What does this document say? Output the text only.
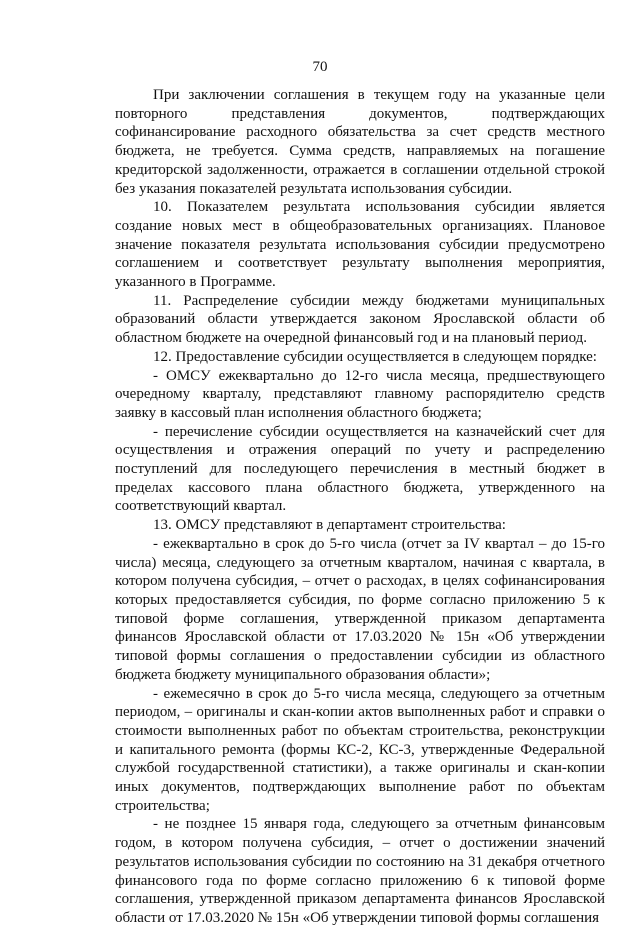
70

При заключении соглашения в текущем году на указанные цели повторного представления документов, подтверждающих софинансирование расходного обязательства за счет средств местного бюджета, не требуется. Сумма средств, направляемых на погашение кредиторской задолженности, отражается в соглашении отдельной строкой без указания показателей результата использования субсидии.

10. Показателем результата использования субсидии является создание новых мест в общеобразовательных организациях. Плановое значение показателя результата использования субсидии предусмотрено соглашением и соответствует результату выполнения мероприятия, указанного в Программе.

11. Распределение субсидии между бюджетами муниципальных образований области утверждается законом Ярославской области об областном бюджете на очередной финансовый год и на плановый период.

12. Предоставление субсидии осуществляется в следующем порядке:

- ОМСУ ежеквартально до 12-го числа месяца, предшествующего очередному кварталу, представляют главному распорядителю средств заявку в кассовый план исполнения областного бюджета;

- перечисление субсидии осуществляется на казначейский счет для осуществления и отражения операций по учету и распределению поступлений для последующего перечисления в местный бюджет в пределах кассового плана областного бюджета, утвержденного на соответствующий квартал.

13. ОМСУ представляют в департамент строительства:

- ежеквартально в срок до 5-го числа (отчет за IV квартал – до 15-го числа) месяца, следующего за отчетным кварталом, начиная с квартала, в котором получена субсидия, – отчет о расходах, в целях софинансирования которых предоставляется субсидия, по форме согласно приложению 5 к типовой форме соглашения, утвержденной приказом департамента финансов Ярославской области от 17.03.2020 № 15н «Об утверждении типовой формы соглашения о предоставлении субсидии из областного бюджета бюджету муниципального образования области»;

- ежемесячно в срок до 5-го числа месяца, следующего за отчетным периодом, – оригиналы и скан-копии актов выполненных работ и справки о стоимости выполненных работ по объектам строительства, реконструкции и капитального ремонта (формы КС-2, КС-3, утвержденные Федеральной службой государственной статистики), а также оригиналы и скан-копии иных документов, подтверждающих выполнение работ по объектам строительства;

- не позднее 15 января года, следующего за отчетным финансовым годом, в котором получена субсидия, – отчет о достижении значений результатов использования субсидии по состоянию на 31 декабря отчетного финансового года по форме согласно приложению 6 к типовой форме соглашения, утвержденной приказом департамента финансов Ярославской области от 17.03.2020 № 15н «Об утверждении типовой формы соглашения
